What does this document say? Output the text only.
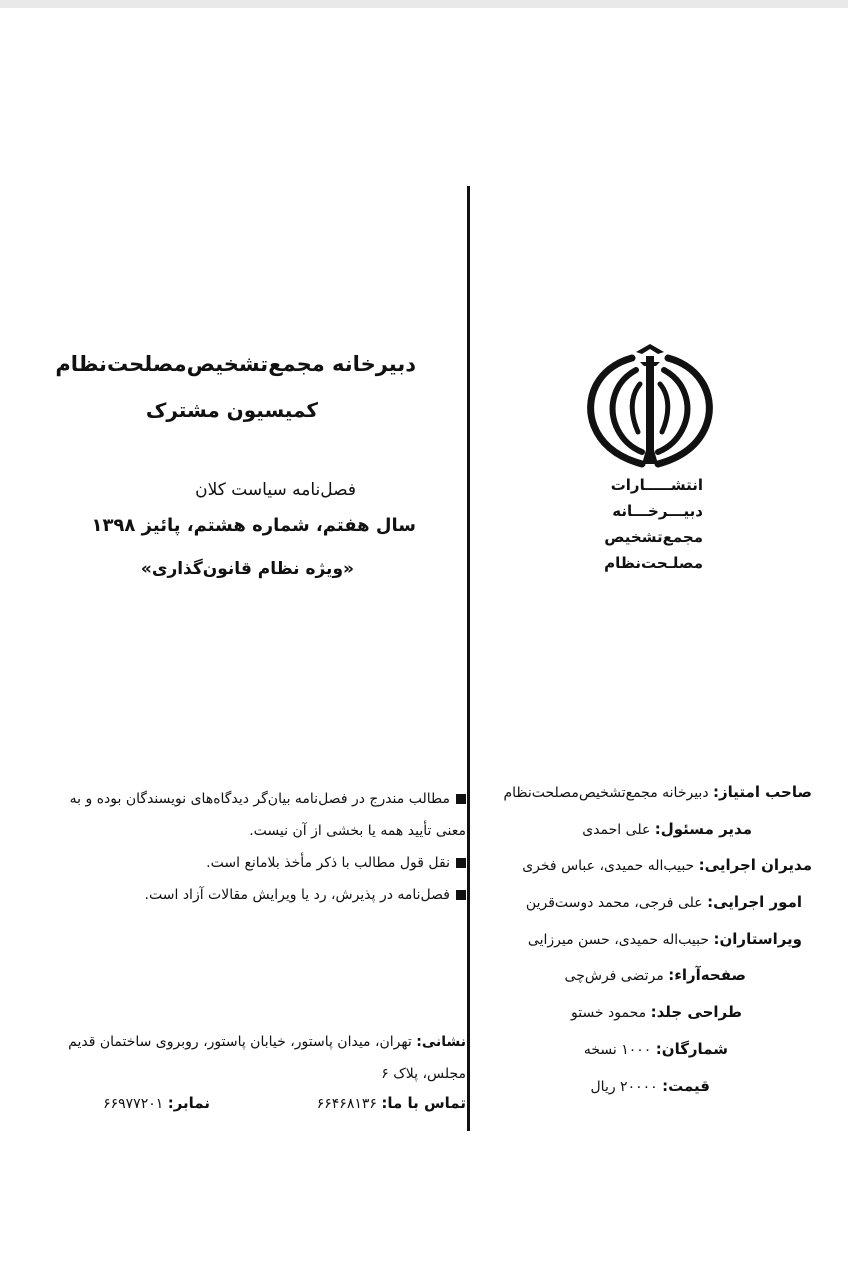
دبیرخانه مجمع‌تشخیص‌مصلحت‌نظام
کمیسیون مشترک
فصل‌نامه سیاست کلان
سال هفتم، شماره هشتم، پائیز ۱۳۹۸
«ویژه نظام قانون‌گذاری»
انتشـــــارات
دبیـــرخـــانه
مجمع‌تشخیص
مصلـحت‌نظام
صاحب امتیاز: دبیرخانه مجمع‌تشخیص‌مصلحت‌نظام
مدیر مسئول: علی احمدی
مدیران اجرایی: حبیب‌اله حمیدی، عباس فخری
امور اجرایی: علی فرجی، محمد دوست‌قرین
ویراستاران: حبیب‌اله حمیدی، حسن میرزایی
صفحه‌آراء: مرتضی فرش‌چی
طراحی جلد: محمود خستو
شمارگان: ۱۰۰۰ نسخه
قیمت: ۲۰۰۰۰ ریال
مطالب مندرج در فصل‌نامه بیان‌گر دیدگاه‌های نویسندگان بوده و به معنی تأیید همه یا بخشی از آن نیست.
نقل قول مطالب با ذکر مأخذ بلامانع است.
فصل‌نامه در پذیرش، رد یا ویرایش مقالات آزاد است.
نشانی: تهران، میدان پاستور، خیابان پاستور، روبروی ساختمان قدیم مجلس، پلاک ۶
تماس با ما: ۶۶۴۶۸۱۳۶
نمابر: ۶۶۹۷۷۲۰۱
